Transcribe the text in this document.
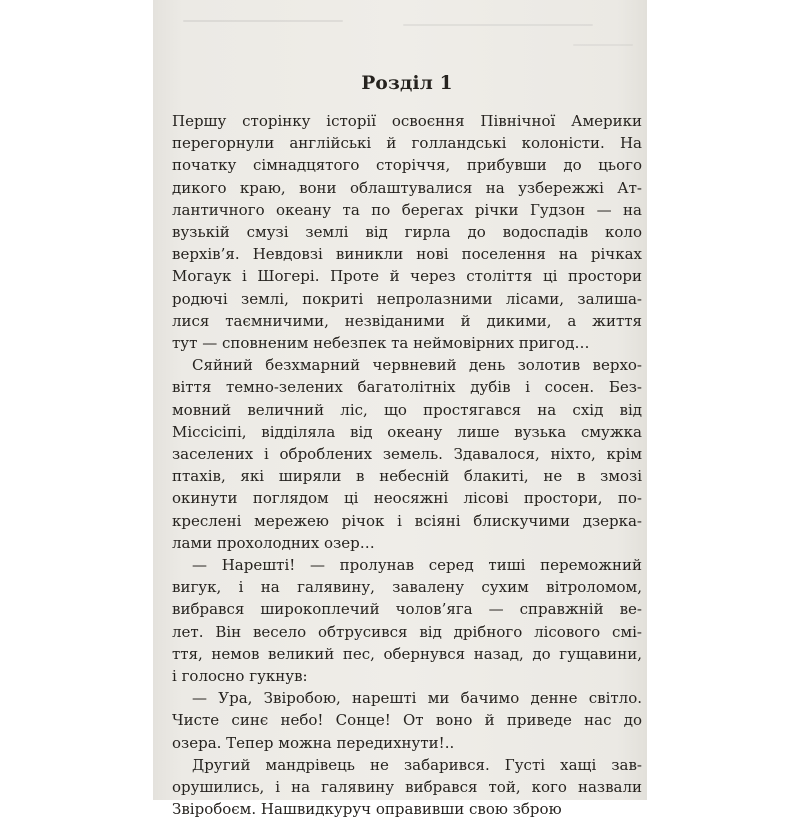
Розділ 1

Першу сторінку історії освоєння Північної Америки
перегорнули англійські й голландські колоністи. На
початку сімнадцятого сторіччя, прибувши до цього
дикого краю, вони облаштувалися на узбережжі Ат-
лантичного океану та по берегах річки Гудзон — на
вузькій смузі землі від гирла до водоспадів коло
верхів’я. Невдовзі виникли нові поселення на річках
Могаук і Шогері. Проте й через століття ці простори
родючі землі, покриті непролазними лісами, залиша-
лися таємничими, незвіданими й дикими, а життя
тут — сповненим небезпек та неймовірних пригод…

Сяйний безхмарний червневий день золотив верхо-
віття темно-зелених багатолітніх дубів і сосен. Без-
мовний величний ліс, що простягався на схід від
Міссісіпі, відділяла від океану лише вузька смужка
заселених і оброблених земель. Здавалося, ніхто, крім
птахів, які ширяли в небесній блакиті, не в змозі
окинути поглядом ці неосяжні лісові простори, по-
креслені мережею річок і всіяні блискучими дзеркa-
лами прохолодних озер…

— Нарешті! — пролунав серед тиші переможний
вигук, і на галявину, завалену сухим вітроломом,
вибрався широкоплечий чолов’яга — справжній ве-
лет. Він весело обтрусився від дрібного лісового смі-
ття, немов великий пес, обернувся назад, до гущавини,
і голосно гукнув:

— Ура, Звіробою, нарешті ми бачимо денне світло.
Чисте синє небо! Сонце! От воно й приведе нас до
озера. Тепер можна передихнути!..

Другий мандрівець не забарився. Густі хащі зав-
орушились, і на галявину вибрався той, кого назвали
Звіробоєм. Нашвидкуруч оправивши свою зброю
